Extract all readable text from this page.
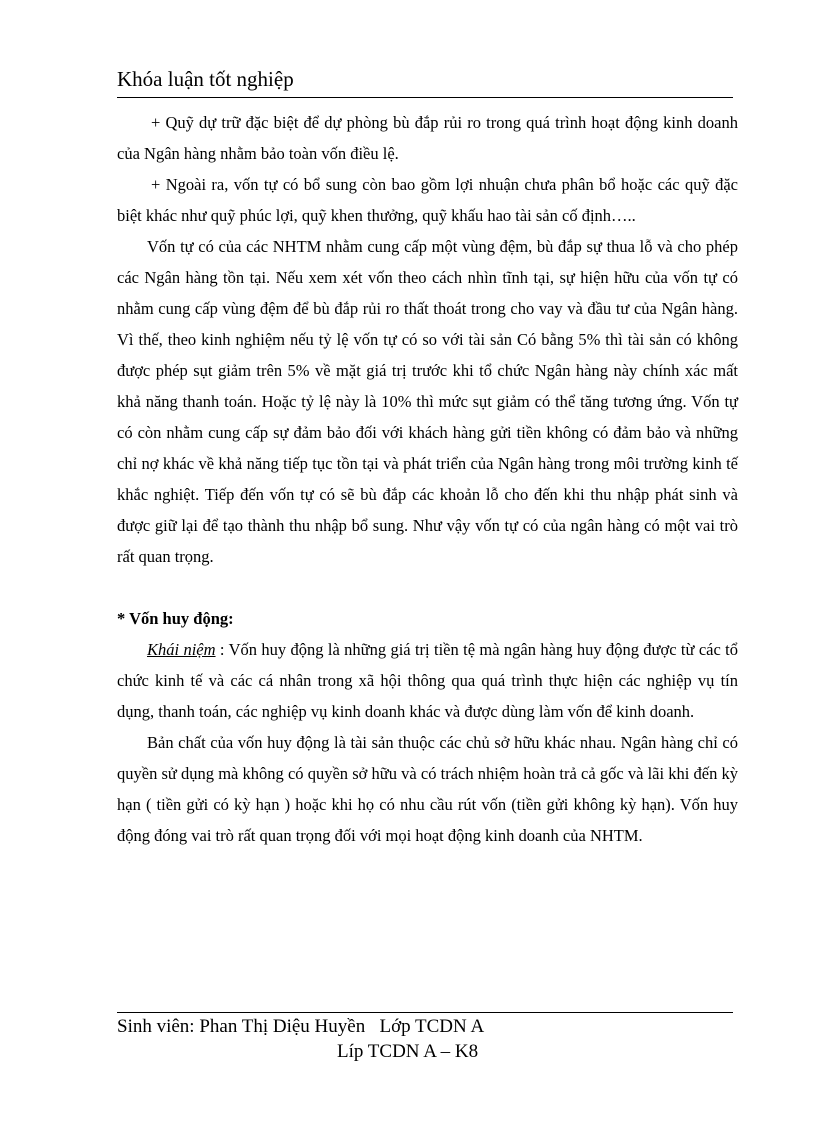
Khóa luận tốt nghiệp

+ Quỹ dự trữ đặc biệt để dự phòng bù đắp rủi ro trong quá trình hoạt động kinh doanh của Ngân hàng nhằm bảo toàn vốn điều lệ.

+ Ngoài ra, vốn tự có bổ sung còn bao gồm lợi nhuận chưa phân bổ hoặc các quỹ đặc biệt khác như quỹ phúc lợi, quỹ khen thưởng, quỹ khấu hao tài sản cố định…..

Vốn tự có của các NHTM nhằm cung cấp một vùng đệm, bù đắp sự thua lỗ và cho phép các Ngân hàng tồn tại. Nếu xem xét vốn theo cách nhìn tĩnh tại, sự hiện hữu của vốn tự có nhằm cung cấp vùng đệm để bù đắp rủi ro thất thoát trong cho vay và đầu tư của Ngân hàng. Vì thế, theo kinh nghiệm nếu tỷ lệ vốn tự có so với tài sản Có bằng 5% thì tài sản có không được phép sụt giảm trên 5% về mặt giá trị trước khi tổ chức Ngân hàng này chính xác mất khả năng thanh toán. Hoặc tỷ lệ này là 10% thì mức sụt giảm có thể tăng tương ứng. Vốn tự có còn nhằm cung cấp sự đảm bảo đối với khách hàng gửi tiền không có đảm bảo và những chỉ nợ khác về khả năng tiếp tục tồn tại và phát triển của Ngân hàng trong môi trường kinh tế khắc nghiệt. Tiếp đến vốn tự có sẽ bù đắp các khoản lỗ cho đến khi thu nhập phát sinh và được giữ lại để tạo thành thu nhập bổ sung. Như vậy vốn tự có của ngân hàng có một vai trò rất quan trọng.

* Vốn huy động:

Khái niệm : Vốn huy động là những giá trị tiền tệ mà ngân hàng huy động được từ các tổ chức kinh tế và các cá nhân trong xã hội thông qua quá trình thực hiện các nghiệp vụ tín dụng, thanh toán, các nghiệp vụ kinh doanh khác và được dùng làm vốn để kinh doanh.

Bản chất của vốn huy động là tài sản thuộc các chủ sở hữu khác nhau. Ngân hàng chỉ có quyền sử dụng mà không có quyền sở hữu và có trách nhiệm hoàn trả cả gốc và lãi khi đến kỳ hạn ( tiền gửi có kỳ hạn ) hoặc khi họ có nhu cầu rút vốn (tiền gửi không kỳ hạn). Vốn huy động đóng vai trò rất quan trọng đối với mọi hoạt động kinh doanh của NHTM.

Sinh viên: Phan Thị Diệu Huyền   Lớp TCDN A
Líp TCDN A – K8
